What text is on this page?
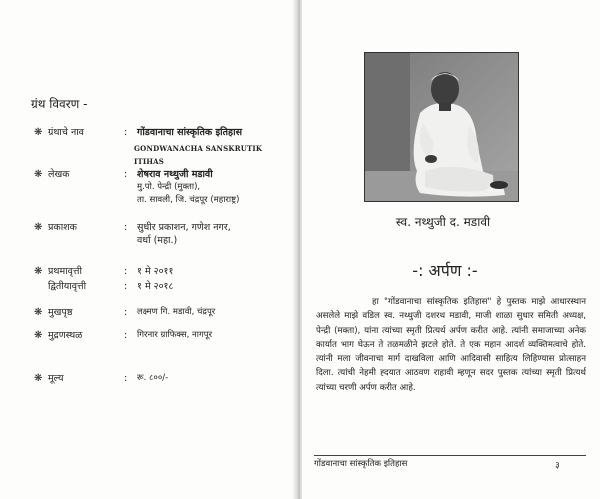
ग्रंथ विवरण -
❋ ग्रंथाचे नाव	: गोंडवानाचा सांस्कृतिक इतिहास
GONDWANACHA SANSKRUTIK ITIHAS
❋ लेखक	: शेषराव नथ्थुजी मडावी
मु.पो. पेन्द्री (मुक्ता),
ता. सावली, जि. चंद्रपूर (महाराष्ट्र)
❋ प्रकाशक	: सुधीर प्रकाशन, गणेश नगर,
वर्धा (महा.)
❋ प्रथमावृत्ती	: १ मे २०११
द्वितीयावृत्ती	: १ मे २०१८
❋ मुखपृष्ठ	: लक्ष्मण गि. मडावी, चंद्रपूर
❋ मुद्रणस्थळ	: गिरनार ग्राफिक्स, नागपूर
❋ मूल्य	: रू. ८००/-
स्व. नथ्थुजी द. मडावी
-: अर्पण :-
हा "गोंडवानाचा सांस्कृतिक इतिहास" हे पुस्तक माझे आधारस्थान असलेले माझे वडिल स्व. नथ्थुजी दशरथ मडावी, माजी शाळा सुधार समिती अध्यक्ष, पेन्द्री (मक्ता), यांना त्यांच्या स्मृती प्रित्यर्थ अर्पण करीत आहे. त्यांनी समाजाच्या अनेक कार्यात भाग घेऊन ते तळमळीने झटले होते. ते एक महान आदर्श व्यक्तिमत्वाचे होते. त्यांनी मला जीवनाचा मार्ग दाखविला आणि आदिवासी साहित्य लिहिण्यास प्रोत्साहन दिला. त्यांची नेहमी ह्दयात आठवण राहावी म्हणून सदर पुस्तक त्यांच्या स्मृती प्रित्यर्थ त्यांच्या चरणी अर्पण करीत आहे.
गोंडवानाचा सांस्कृतिक इतिहास	३
